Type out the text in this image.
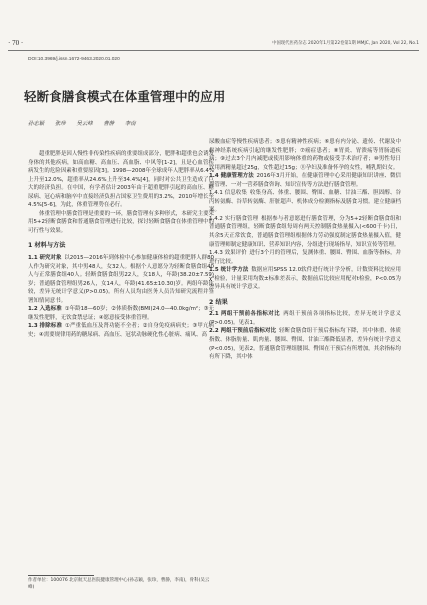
· 70 ·	中国现代医药杂志 2020年1月第22卷第1期 MMJC, Jan 2020, Vol 22, No.1
DOI:10.3969/j.issn.1672-9463.2020.01.020
轻断食膳食模式在体重管理中的应用
孙志颖 张珍 吴云峰 曹静 李南

超重肥胖是因人慢性非传染性疾病的重要组成部分，肥胖和超重也会诱发身体的其他疾病，如高血糖、高血压、高血脂、中风等[1-2]，且是心血管疾病发生的危险因素和重要原因[3]。1998—2008年全球成年人肥胖率从6.4%上升至12.0%，超重率从24.6%上升至34.4%[4]，同时对公共卫生造成了巨大的经济负担。在中国，有学者估计2003年由于超重肥胖引起的高血压、糖尿病、冠心病和脑卒中直接经济负担占国家卫生费用的3.2%，2010年增长至4.5%[5-6]，为此，体重管理势在必行。

体重管理中膳食管理是重要的一环，膳食管理有多种形式，本研究主要采用5+2轻断食膳食和普通膳食管理进行比较，探讨轻断食膳食在体重管理中的可行性与效果。

1 材料与方法

1.1 研究对象  以2015—2016年到体检中心参加健康体检的超重肥胖人群80人作为研究对象，其中男48人，女32人。根据个人意愿分为轻断食膳食组40人与正常膳食组40人。轻断食膳食组男22人，女18人，年龄(38.20±7.59)岁；普通膳食管理组男26人，女14人，年龄(41.65±10.30)岁。两组年龄比较，差异无统计学意义(P>0.05)。所有人员均由医务人员告知研究流程并签署知情同意书。

1.2 入选标准  ①年龄18—60岁；②体质指数(BMI)24.0—40.0kg/m²；③无继发性肥胖，无饮食禁忌证；④愿意接受体重管理。

1.3 排除标准  ①严重低血压及肾功能不全者；②自身免疫病病史；③甲亢病史；④需要规律用药的糖尿病、高血压、冠状动脉硬化性心脏病、痛风、高

尿酸血症等慢性疾病患者；⑤患有精神性疾病；⑥患有内分泌、遗传、代谢及中枢神经系统疾病引起的继发性肥胖；⑦癌症患者；⑧胃炎、胃溃疡等胃肠道疾病；⑨过去3个月内减肥或使用影响体重的药物或接受手术治疗者；⑩男性每日饮用酒精量超过25g，女性超过15g；⑪孕妇及准备怀孕的女性，哺乳期妇女。

1.4 健康管理方法  2016年3月开始，在健康管理中心采用健康知识讲座、微信群管理、一对一营养膳食咨询、知识宣传等方法进行膳食管理。

1.4.1 信息收集  收集身高、体重、腰围、臀围、血糖、甘油三酯、胆固醇、谷丙转氨酶、谷草转氨酶、肝脏超声、机体成分检测指标及膳食习惯。建立健康档案。

1.4.2 实行膳食管理  根据参与者意愿进行膳食管理，分为5+2轻断食膳食组和普通膳食管理组，轻断食膳食组每周有两天控制膳食热量摄入(<600千卡)日，其余5天正常饮食，普通膳食管理组根据体力劳动强度制定膳食热量摄入值，健康管理师制定健康知识、营养知识内容，分组进行现场指导，知识宣传等管理。

1.4.3 效果评价  进行3个月的管理后，复测体重、腰围、臀围、血脂等指标，并进行比较。

1.5 统计学方法  数据应用SPSS 12.0软件进行统计学分析，计数资料比较应用χ²检验，计量采用均数±标准差表示，数据前后比较应用配对t检验，P<0.05为差异具有统计学意义。

2 结果

2.1 两组干预前各指标对比  两组干预前各项指标比较，差异无统计学意义(P>0.05)。见表1。

2.2 两组干预前后指标对比  轻断食膳食组干预后指标均下降，其中体重、体质指数、体脂肪量、肌肉量、腰围、臀围、甘油三酯降低显著，差异有统计学意义(P<0.05)，见表2。普通膳食管理组腰围、臀围在干预后有所增加，其余指标均有所下降，其中体

作者单位：100076 北京航天总医院健康管理中心(孙志颖，张珍，曹静，李南)，骨科(吴云峰)
